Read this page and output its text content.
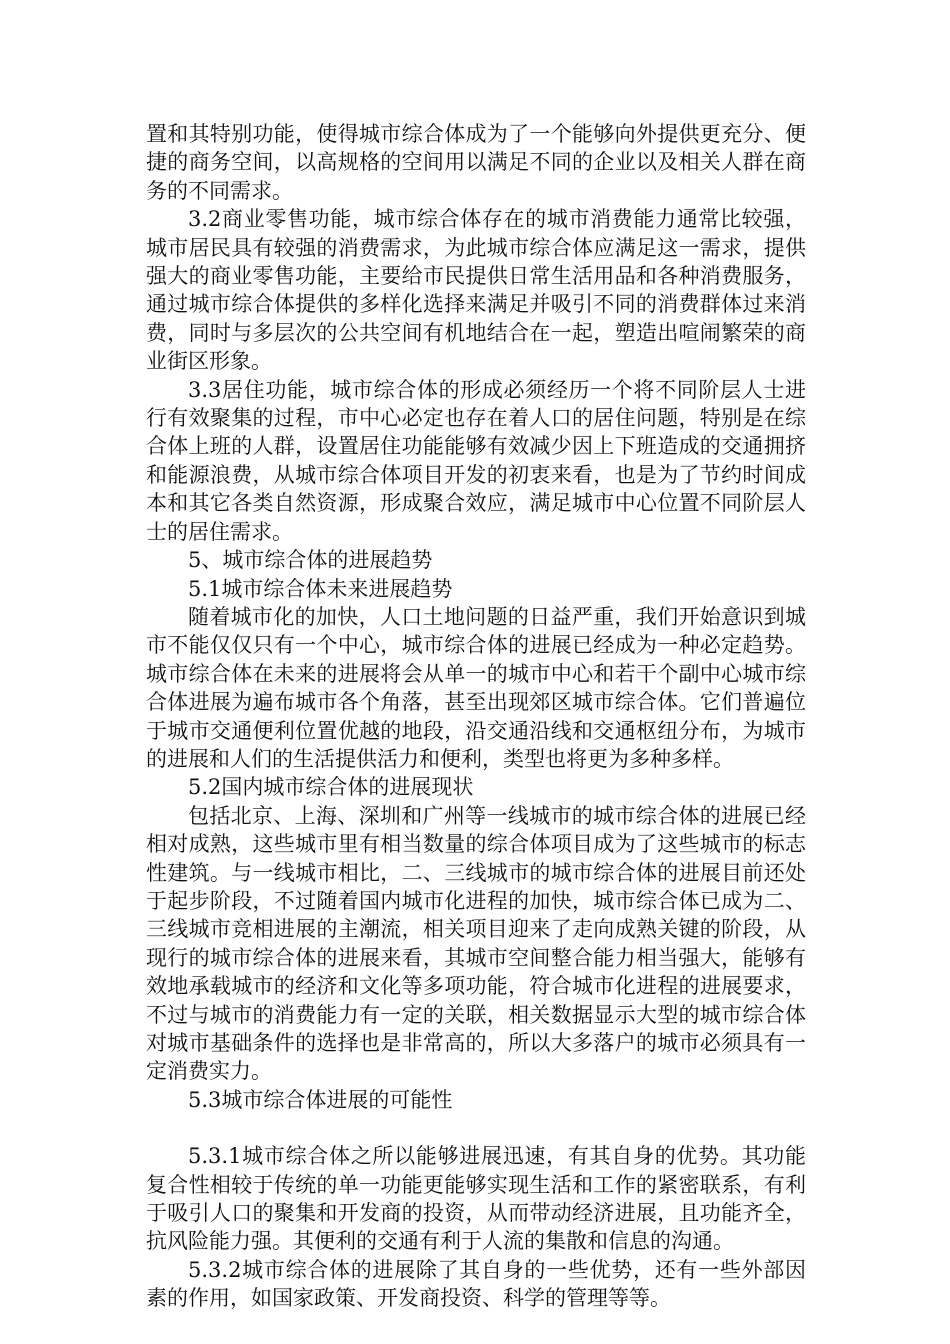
置和其特别功能，使得城市综合体成为了一个能够向外提供更充分、便捷的商务空间，以高规格的空间用以满足不同的企业以及相关人群在商务的不同需求。

3.2商业零售功能，城市综合体存在的城市消费能力通常比较强，城市居民具有较强的消费需求，为此城市综合体应满足这一需求，提供强大的商业零售功能，主要给市民提供日常生活用品和各种消费服务，通过城市综合体提供的多样化选择来满足并吸引不同的消费群体过来消费，同时与多层次的公共空间有机地结合在一起，塑造出喧闹繁荣的商业街区形象。

3.3居住功能，城市综合体的形成必须经历一个将不同阶层人士进行有效聚集的过程，市中心必定也存在着人口的居住问题，特别是在综合体上班的人群，设置居住功能能够有效减少因上下班造成的交通拥挤和能源浪费，从城市综合体项目开发的初衷来看，也是为了节约时间成本和其它各类自然资源，形成聚合效应，满足城市中心位置不同阶层人士的居住需求。

5、城市综合体的进展趋势

5.1城市综合体未来进展趋势

随着城市化的加快，人口土地问题的日益严重，我们开始意识到城市不能仅仅只有一个中心，城市综合体的进展已经成为一种必定趋势。城市综合体在未来的进展将会从单一的城市中心和若干个副中心城市综合体进展为遍布城市各个角落，甚至出现郊区城市综合体。它们普遍位于城市交通便利位置优越的地段，沿交通沿线和交通枢纽分布，为城市的进展和人们的生活提供活力和便利，类型也将更为多种多样。

5.2国内城市综合体的进展现状

包括北京、上海、深圳和广州等一线城市的城市综合体的进展已经相对成熟，这些城市里有相当数量的综合体项目成为了这些城市的标志性建筑。与一线城市相比，二、三线城市的城市综合体的进展目前还处于起步阶段，不过随着国内城市化进程的加快，城市综合体已成为二、三线城市竞相进展的主潮流，相关项目迎来了走向成熟关键的阶段，从现行的城市综合体的进展来看，其城市空间整合能力相当强大，能够有效地承载城市的经济和文化等多项功能，符合城市化进程的进展要求，不过与城市的消费能力有一定的关联，相关数据显示大型的城市综合体对城市基础条件的选择也是非常高的，所以大多落户的城市必须具有一定消费实力。

5.3城市综合体进展的可能性

5.3.1城市综合体之所以能够进展迅速，有其自身的优势。其功能复合性相较于传统的单一功能更能够实现生活和工作的紧密联系，有利于吸引人口的聚集和开发商的投资，从而带动经济进展，且功能齐全，抗风险能力强。其便利的交通有利于人流的集散和信息的沟通。

5.3.2城市综合体的进展除了其自身的一些优势，还有一些外部因素的作用，如国家政策、开发商投资、科学的管理等等。
